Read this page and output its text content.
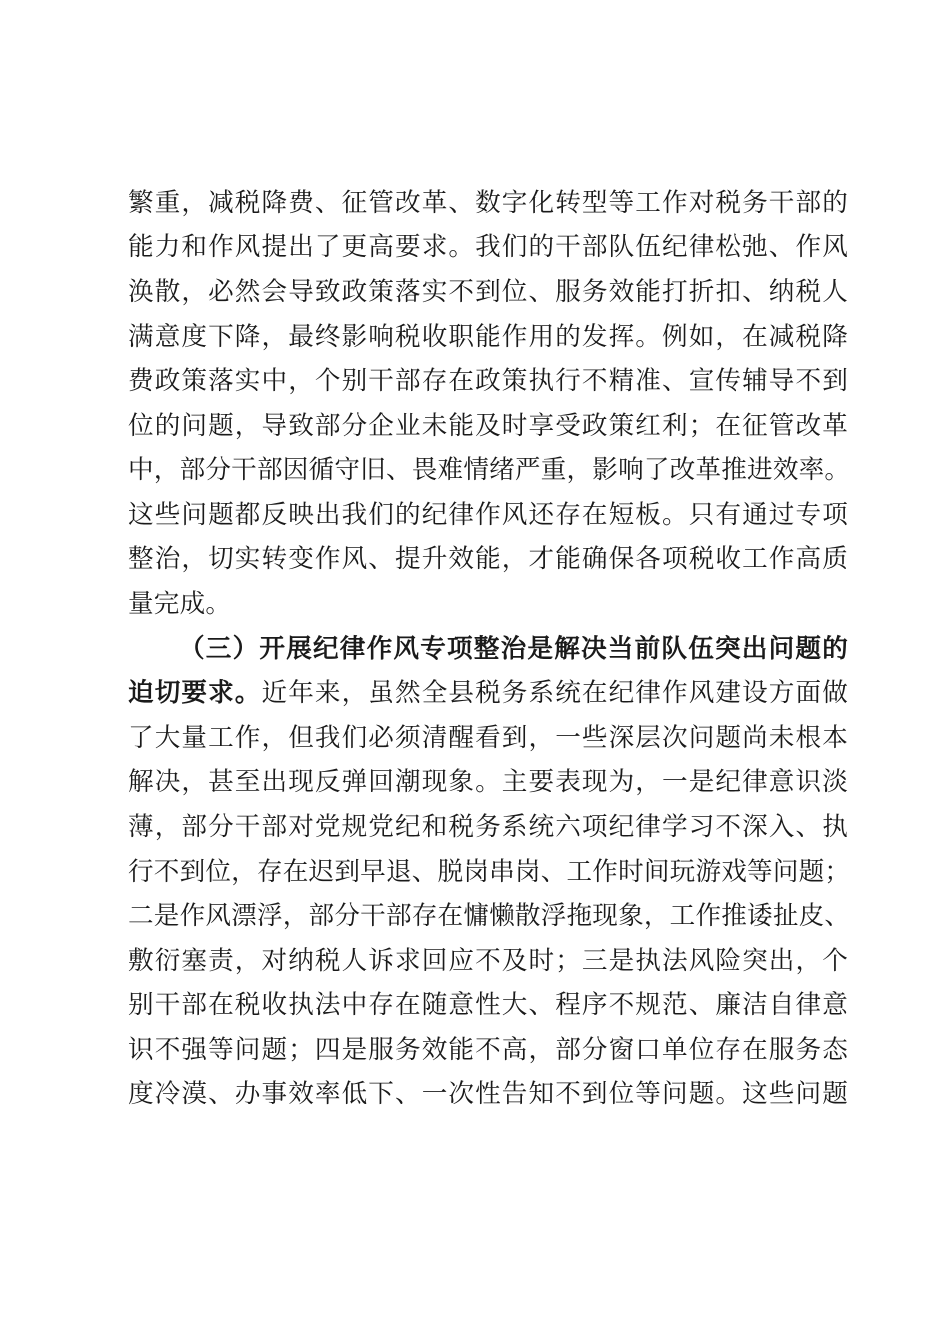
繁重，减税降费、征管改革、数字化转型等工作对税务干部的
能力和作风提出了更高要求。我们的干部队伍纪律松弛、作风
涣散，必然会导致政策落实不到位、服务效能打折扣、纳税人
满意度下降，最终影响税收职能作用的发挥。例如，在减税降
费政策落实中，个别干部存在政策执行不精准、宣传辅导不到
位的问题，导致部分企业未能及时享受政策红利；在征管改革
中，部分干部因循守旧、畏难情绪严重，影响了改革推进效率。
这些问题都反映出我们的纪律作风还存在短板。只有通过专项
整治，切实转变作风、提升效能，才能确保各项税收工作高质
量完成。
（三）开展纪律作风专项整治是解决当前队伍突出问题的
迫切要求。近年来，虽然全县税务系统在纪律作风建设方面做
了大量工作，但我们必须清醒看到，一些深层次问题尚未根本
解决，甚至出现反弹回潮现象。主要表现为，一是纪律意识淡
薄，部分干部对党规党纪和税务系统六项纪律学习不深入、执
行不到位，存在迟到早退、脱岗串岗、工作时间玩游戏等问题；
二是作风漂浮，部分干部存在慵懒散浮拖现象，工作推诿扯皮、
敷衍塞责，对纳税人诉求回应不及时；三是执法风险突出，个
别干部在税收执法中存在随意性大、程序不规范、廉洁自律意
识不强等问题；四是服务效能不高，部分窗口单位存在服务态
度冷漠、办事效率低下、一次性告知不到位等问题。这些问题
